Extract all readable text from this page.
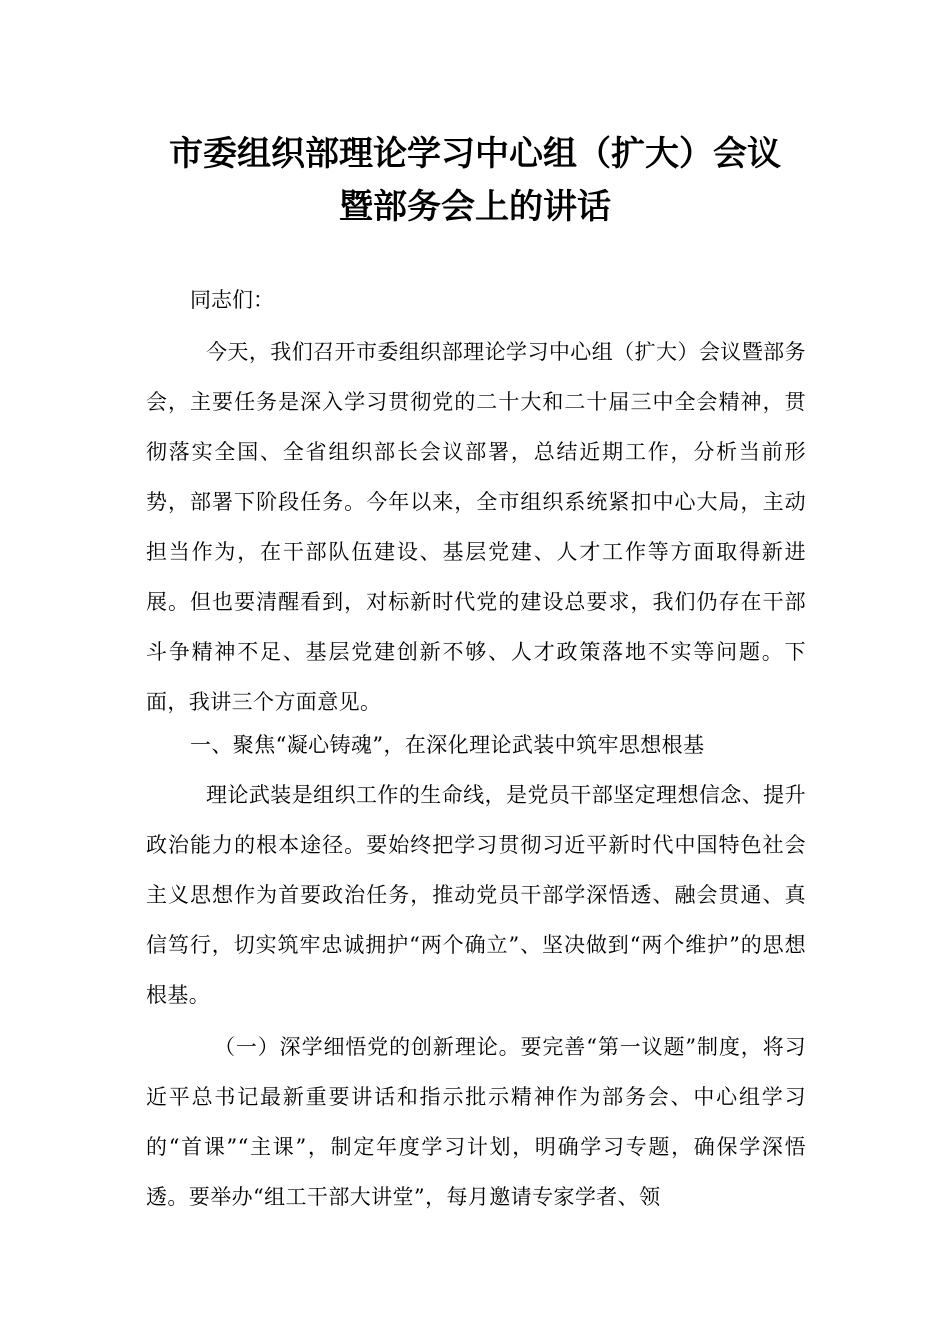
市委组织部理论学习中心组（扩大）会议
暨部务会上的讲话
同志们：
今天，我们召开市委组织部理论学习中心组（扩大）会议暨部务会，主要任务是深入学习贯彻党的二十大和二十届三中全会精神，贯彻落实全国、全省组织部长会议部署，总结近期工作，分析当前形势，部署下阶段任务。今年以来，全市组织系统紧扣中心大局，主动担当作为，在干部队伍建设、基层党建、人才工作等方面取得新进展。但也要清醒看到，对标新时代党的建设总要求，我们仍存在干部斗争精神不足、基层党建创新不够、人才政策落地不实等问题。下面，我讲三个方面意见。
一、聚焦“凝心铸魂”，在深化理论武装中筑牢思想根基
理论武装是组织工作的生命线，是党员干部坚定理想信念、提升政治能力的根本途径。要始终把学习贯彻习近平新时代中国特色社会主义思想作为首要政治任务，推动党员干部学深悟透、融会贯通、真信笃行，切实筑牢忠诚拥护“两个确立”、坚决做到“两个维护”的思想根基。
（一）深学细悟党的创新理论。要完善“第一议题”制度，将习近平总书记最新重要讲话和指示批示精神作为部务会、中心组学习的“首课”“主课”，制定年度学习计划，明确学习专题，确保学深悟透。要举办“组工干部大讲堂”，每月邀请专家学者、领
